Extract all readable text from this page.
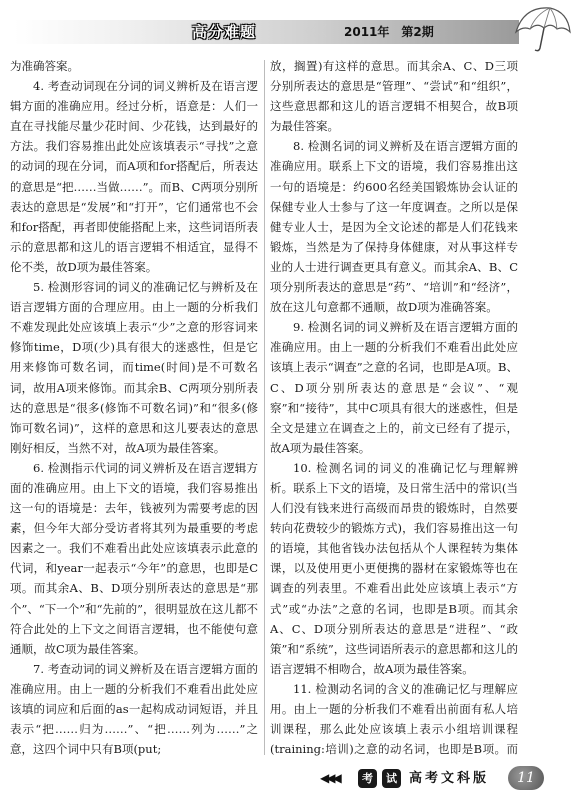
高分难题	〈〈〈〈 2011年 第2期

为准确答案。

4. 考查动词现在分词的词义辨析及在语言逻辑方面的准确应用。经过分析，语意是：人们一直在寻找能尽量少花时间、少花钱，达到最好的方法。我们容易推出此处应该填表示“寻找”之意的动词的现在分词，而A项和for搭配后，所表达的意思是“把……当做……”。而B、C两项分别所表达的意思是“发展”和“打开”，它们通常也不会和for搭配，再者即使能搭配上来，这些词语所表示的意思都和这儿的语言逻辑不相适宜，显得不伦不类，故D项为最佳答案。

5. 检测形容词的词义的准确记忆与辨析及在语言逻辑方面的合理应用。由上一题的分析我们不难发现此处应该填上表示“少”之意的形容词来修饰time，D项(少)具有很大的迷惑性，但是它用来修饰可数名词，而time(时间)是不可数名词，故用A项来修饰。而其余B、C两项分别所表达的意思是“很多(修饰不可数名词)”和“很多(修饰可数名词)”，这样的意思和这儿要表达的意思刚好相反，当然不对，故A项为最佳答案。

6. 检测指示代词的词义辨析及在语言逻辑方面的准确应用。由上下文的语境，我们容易推出这一句的语境是：去年，钱被列为需要考虑的因素，但今年大部分受访者将其列为最重要的考虑因素之一。我们不难看出此处应该填表示此意的代词，和year一起表示“今年”的意思，也即是C项。而其余A、B、D项分别所表达的意思是“那个”、“下一个”和“先前的”，很明显放在这儿都不符合此处的上下文之间语言逻辑，也不能使句意通顺，故C项为最佳答案。

7. 考查动词的词义辨析及在语言逻辑方面的准确应用。由上一题的分析我们不难看出此处应该填的词应和后面的as一起构成动词短语，并且表示“把……归为……”、“把……列为……”之意，这四个词中只有B项(put;

放，搁置)有这样的意思。而其余A、C、D三项分别所表达的意思是“管理”、“尝试”和“组织”，这些意思都和这儿的语言逻辑不相契合，故B项为最佳答案。

8. 检测名词的词义辨析及在语言逻辑方面的准确应用。联系上下文的语境，我们容易推出这一句的语境是：约600名经美国锻炼协会认证的保健专业人士参与了这一年度调查。之所以是保健专业人士，是因为全文论述的都是人们花钱来锻炼，当然是为了保持身体健康，对从事这样专业的人士进行调查更具有意义。而其余A、B、C项分别所表达的意思是“药”、“培训”和“经济”，放在这儿句意都不通顺，故D项为准确答案。

9. 检测名词的词义辨析及在语言逻辑方面的准确应用。由上一题的分析我们不难看出此处应该填上表示“调查”之意的名词，也即是A项。B、C、D项分别所表达的意思是“会议”、“观察”和“接待”，其中C项具有很大的迷惑性，但是全文是建立在调查之上的，前文已经有了提示，故A项为最佳答案。

10. 检测名词的词义的准确记忆与理解辨析。联系上下文的语境，及日常生活中的常识(当人们没有钱来进行高级而昂贵的锻炼时，自然要转向花费较少的锻炼方式)，我们容易推出这一句的语境，其他省钱办法包括从个人课程转为集体课，以及使用更小更便携的器材在家锻炼等也在调查的列表里。不难看出此处应该填上表示“方式”或“办法”之意的名词，也即是B项。而其余A、C、D项分别所表达的意思是“进程”、“政策”和“系统”，这些词语所表示的意思都和这儿的语言逻辑不相吻合，故A项为最佳答案。

11. 检测动名词的含义的准确记忆与理解应用。由上一题的分析我们不难看出前面有私人培训课程，那么此处应该填上表示小组培训课程(training:培训)之意的动名词，也即是B项。而

◀◀◀	考	试 高考文科版	11
